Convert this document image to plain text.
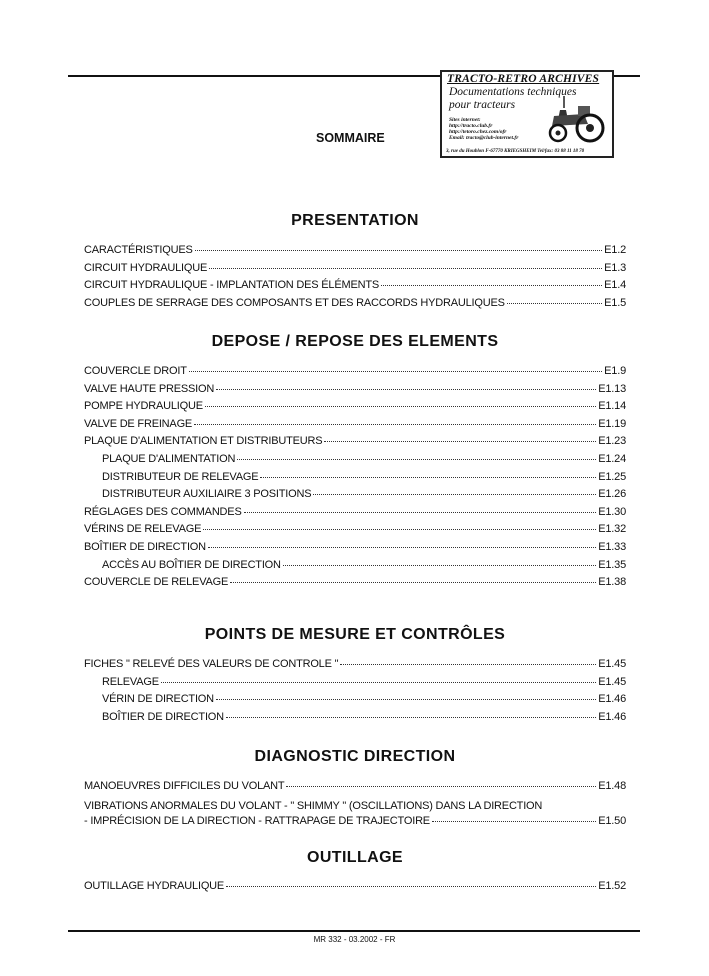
TRACTO-RETRO ARCHIVES
Documentations techniques
pour tracteurs
Sites internet:
http://tracto.club.fr
http://tetoro.chez.com/ofr
Email: tracto@club-internet.fr
3, rue du Houblon F-67770 KRIEGSHEIM Tel/fax: 03 88 11 18 70
SOMMAIRE
PRESENTATION
CARACTÉRISTIQUES	E1.2
CIRCUIT HYDRAULIQUE	E1.3
CIRCUIT HYDRAULIQUE - IMPLANTATION DES ÉLÉMENTS	E1.4
COUPLES DE SERRAGE DES COMPOSANTS ET DES RACCORDS HYDRAULIQUES	E1.5
DEPOSE / REPOSE DES ELEMENTS
COUVERCLE DROIT	E1.9
VALVE HAUTE PRESSION	E1.13
POMPE HYDRAULIQUE	E1.14
VALVE DE FREINAGE	E1.19
PLAQUE D'ALIMENTATION ET DISTRIBUTEURS	E1.23
PLAQUE D'ALIMENTATION	E1.24
DISTRIBUTEUR DE RELEVAGE	E1.25
DISTRIBUTEUR AUXILIAIRE 3 POSITIONS	E1.26
RÉGLAGES DES COMMANDES	E1.30
VÉRINS DE RELEVAGE	E1.32
BOÎTIER DE DIRECTION	E1.33
ACCÈS AU BOÎTIER DE DIRECTION	E1.35
COUVERCLE DE RELEVAGE	E1.38
POINTS DE MESURE ET CONTRÔLES
FICHES " RELEVÉ DES VALEURS DE CONTROLE "	E1.45
RELEVAGE	E1.45
VÉRIN DE DIRECTION	E1.46
BOÎTIER DE DIRECTION	E1.46
DIAGNOSTIC DIRECTION
MANOEUVRES DIFFICILES DU VOLANT	E1.48
VIBRATIONS ANORMALES DU VOLANT - " SHIMMY " (OSCILLATIONS) DANS LA DIRECTION
- IMPRÉCISION DE LA DIRECTION - RATTRAPAGE DE TRAJECTOIRE	E1.50
OUTILLAGE
OUTILLAGE HYDRAULIQUE	E1.52
MR 332 - 03.2002 - FR
